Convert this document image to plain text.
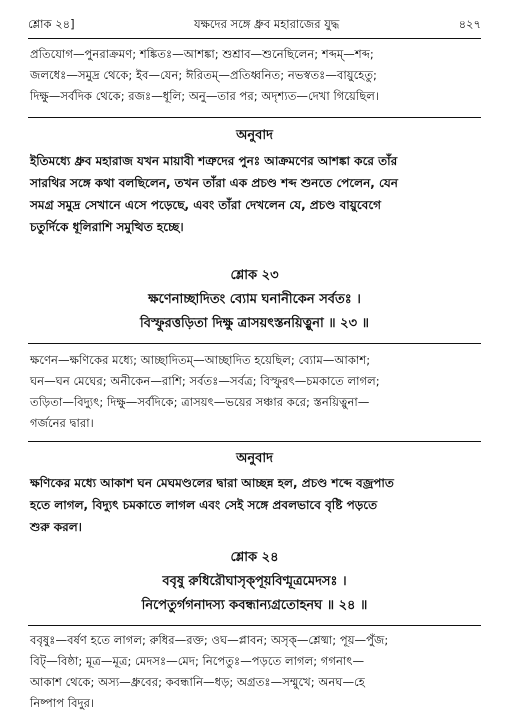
শ্লোক ২৪]	যক্ষদের সঙ্গে ধ্রুব মহারাজের যুদ্ধ	৪২৭
প্রতিযোগ—পুনরাক্রমণ; শঙ্কিতঃ—আশঙ্কা; শুশ্রাব—শুনেছিলেন; শব্দম্—শব্দ;
জলধেঃ—সমুদ্র থেকে; ইব—যেন; ঈরিতম্—প্রতিধ্বনিত; নভস্বতঃ—বায়ুহেতু;
দিক্ষু—সর্বদিক থেকে; রজঃ—ধূলি; অনু—তার পর; অদৃশ্যত—দেখা গিয়েছিল।
অনুবাদ
ইতিমধ্যে ধ্রুব মহারাজ যখন মায়াবী শত্রুদের পুনঃ আক্রমণের আশঙ্কা করে তাঁর
সারথির সঙ্গে কথা বলছিলেন, তখন তাঁরা এক প্রচণ্ড শব্দ শুনতে পেলেন, যেন
সমগ্র সমুদ্র সেখানে এসে পড়েছে, এবং তাঁরা দেখলেন যে, প্রচণ্ড বায়ুবেগে
চতুর্দিকে ধূলিরাশি সমুত্থিত হচ্ছে।
শ্লোক ২৩
ক্ষণেনাচ্ছাদিতং ব্যোম ঘনানীকেন সর্বতঃ ।
বিস্ফুরত্তড়িতা দিক্ষু ত্রাসয়ৎস্তনয়িত্নুনা ॥ ২৩ ॥
ক্ষণেন—ক্ষণিকের মধ্যে; আচ্ছাদিতম্—আচ্ছাদিত হয়েছিল; ব্যোম—আকাশ;
ঘন—ঘন মেঘের; অনীকেন—রাশি; সর্বতঃ—সর্বত্র; বিস্ফুরৎ—চমকাতে লাগল;
তড়িতা—বিদ্যুৎ; দিক্ষু—সর্বদিকে; ত্রাসয়ৎ—ভয়ের সঞ্চার করে; স্তনয়িত্নুনা—
গর্জনের দ্বারা।
অনুবাদ
ক্ষণিকের মধ্যে আকাশ ঘন মেঘমণ্ডলের দ্বারা আচ্ছন্ন হল, প্রচণ্ড শব্দে বজ্রপাত
হতে লাগল, বিদ্যুৎ চমকাতে লাগল এবং সেই সঙ্গে প্রবলভাবে বৃষ্টি পড়তে
শুরু করল।
শ্লোক ২৪
ববৃষু রুধিরৌঘাসৃক্পূয়বিণ্মূত্রমেদসঃ ।
নিপেতুর্গগনাদস্য কবন্ধান্যগ্রতোহনঘ ॥ ২৪ ॥
ববৃষুঃ—বর্ষণ হতে লাগল; রুধির—রক্ত; ওঘ—প্লাবন; অসৃক্—শ্লেষ্মা; পূয়—পুঁজ;
বিট্—বিষ্ঠা; মূত্র—মূত্র; মেদসঃ—মেদ; নিপেতুঃ—পড়তে লাগল; গগনাৎ—
আকাশ থেকে; অস্য—ধ্রুবের; কবন্ধানি—ধড়; অগ্রতঃ—সম্মুখে; অনঘ—হে
নিষ্পাপ বিদুর।
